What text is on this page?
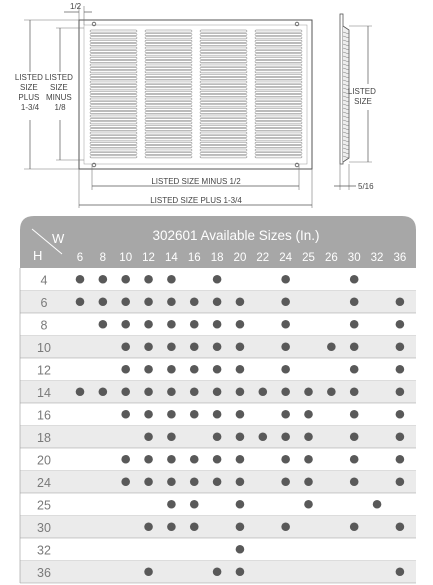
1/2
LISTED SIZE PLUS 1-3/4
LISTED SIZE MINUS 1/8
LISTED SIZE
LISTED SIZE MINUS 1/2
LISTED SIZE PLUS 1-3/4
5/16
302601 Available Sizes (In.)
W
H	6 8 10 12 14 16 18 20 22 24 25 26 30 32 36
4
6
8
10
12
14
16
18
20
24
25
30
32
36
